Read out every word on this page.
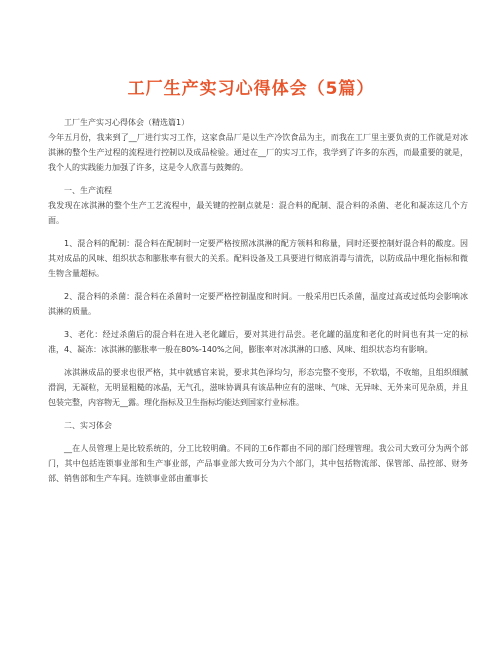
工厂生产实习心得体会（5篇）

工厂生产实习心得体会（精选篇1）

今年五月份，我来到了__厂进行实习工作，这家食品厂是以生产冷饮食品为主，而我在工厂里主要负责的工作就是对冰淇淋的整个生产过程的流程进行控制以及成品检验。通过在__厂的实习工作，我学到了许多的东西，而最重要的就是，我个人的实践能力加强了许多，这是令人欣喜与鼓舞的。

一、生产流程

我发现在冰淇淋的整个生产工艺流程中，最关键的控制点就是：混合料的配制、混合料的杀菌、老化和凝冻这几个方面。

1、混合料的配制：混合料在配制时一定要严格按照冰淇淋的配方领料和称量，同时还要控制好混合料的酸度。因其对成品的风味、组织状态和膨胀率有很大的关系。配料设备及工具要进行彻底消毒与清洗，以防成品中理化指标和微生物含量超标。

2、混合料的杀菌：混合料在杀菌时一定要严格控制温度和时间。一般采用巴氏杀菌，温度过高或过低均会影响冰淇淋的质量。

3、老化：经过杀菌后的混合料在进入老化罐后，要对其进行品尝。老化罐的温度和老化的时间也有其一定的标准，4、凝冻：冰淇淋的膨胀率一般在80%-140%之间，膨胀率对冰淇淋的口感、风味、组织状态均有影响。

冰淇淋成品的要求也很严格，其中就感官来说，要求其色泽均匀，形态完整不变形，不软塌，不收缩，且组织细腻滑润，无凝粒，无明显粗糙的冰晶，无气孔，滋味协调具有该品种应有的滋味、气味、无异味、无外来可见杂质，并且包装完整，内容物无__露。理化指标及卫生指标均能达到国家行业标准。

二、实习体会

__在人员管理上是比较系统的，分工比较明确。不同的工6作都由不同的部门经理管理。我公司大致可分为两个部门，其中包括连锁事业部和生产事业部，产品事业部大致可分为六个部门，其中包括物流部、保管部、品控部、财务部、销售部和生产车间。连锁事业部由董事长
